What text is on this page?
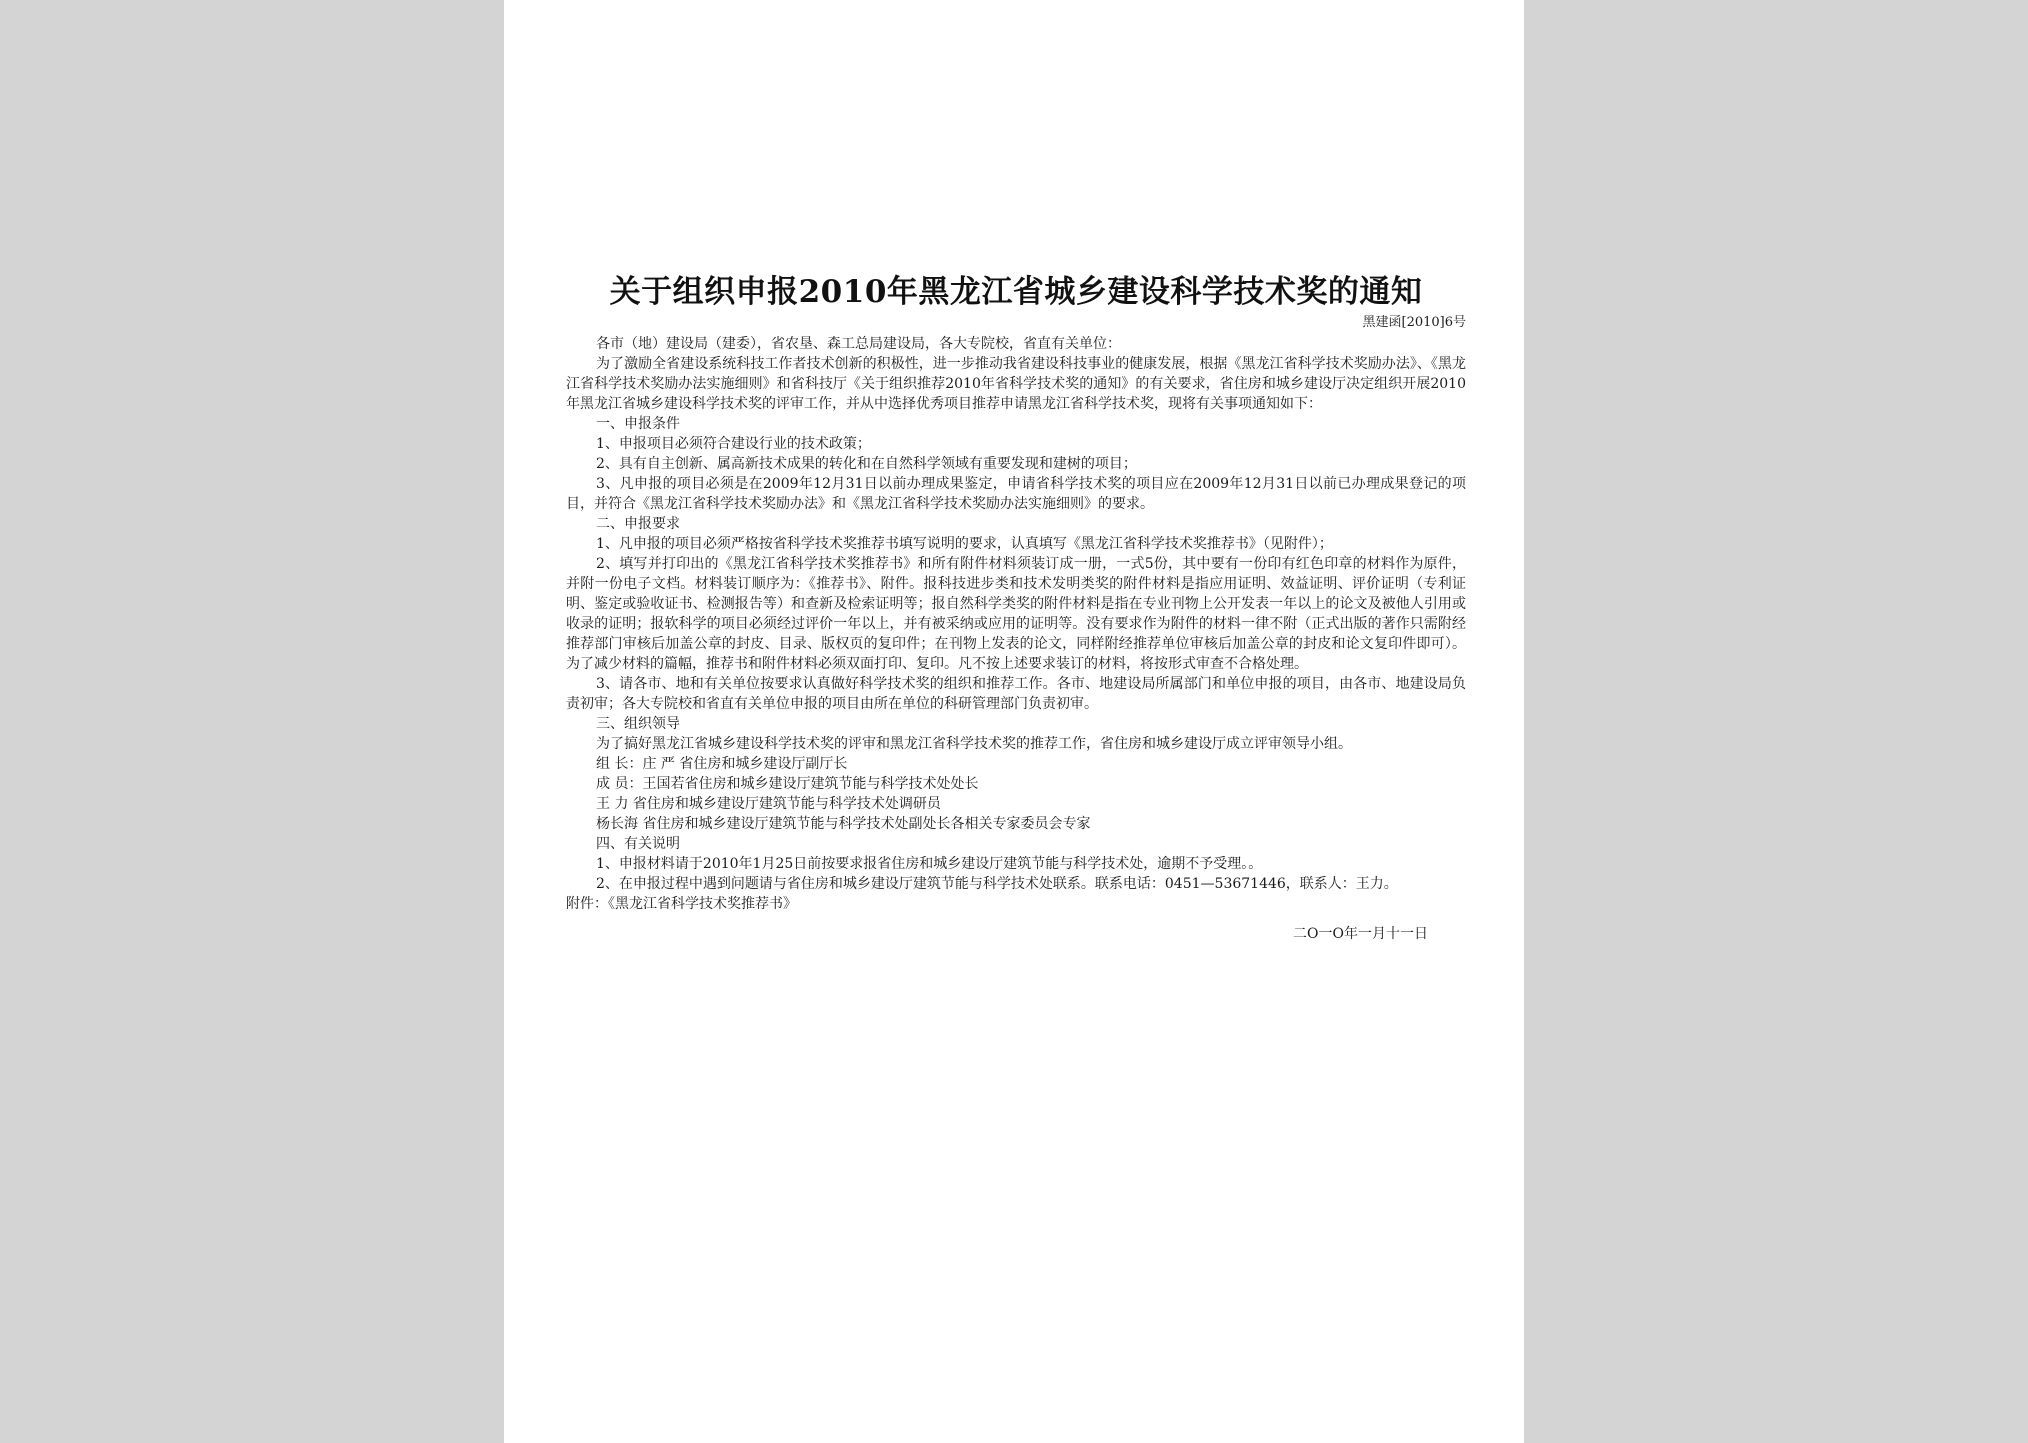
关于组织申报2010年黑龙江省城乡建设科学技术奖的通知
黑建函[2010]6号

各市（地）建设局（建委），省农垦、森工总局建设局，各大专院校，省直有关单位：

为了激励全省建设系统科技工作者技术创新的积极性，进一步推动我省建设科技事业的健康发展，根据《黑龙江省科学技术奖励办法》、《黑龙江省科学技术奖励办法实施细则》和省科技厅《关于组织推荐2010年省科学技术奖的通知》的有关要求，省住房和城乡建设厅决定组织开展2010年黑龙江省城乡建设科学技术奖的评审工作，并从中选择优秀项目推荐申请黑龙江省科学技术奖，现将有关事项通知如下：

一、申报条件

1、申报项目必须符合建设行业的技术政策；

2、具有自主创新、属高新技术成果的转化和在自然科学领域有重要发现和建树的项目；

3、凡申报的项目必须是在2009年12月31日以前办理成果鉴定，申请省科学技术奖的项目应在2009年12月31日以前已办理成果登记的项目，并符合《黑龙江省科学技术奖励办法》和《黑龙江省科学技术奖励办法实施细则》的要求。

二、申报要求

1、凡申报的项目必须严格按省科学技术奖推荐书填写说明的要求，认真填写《黑龙江省科学技术奖推荐书》（见附件）；

2、填写并打印出的《黑龙江省科学技术奖推荐书》和所有附件材料须装订成一册，一式5份，其中要有一份印有红色印章的材料作为原件，并附一份电子文档。材料装订顺序为：《推荐书》、附件。报科技进步类和技术发明类奖的附件材料是指应用证明、效益证明、评价证明（专利证明、鉴定或验收证书、检测报告等）和查新及检索证明等；报自然科学类奖的附件材料是指在专业刊物上公开发表一年以上的论文及被他人引用或收录的证明；报软科学的项目必须经过评价一年以上，并有被采纳或应用的证明等。没有要求作为附件的材料一律不附（正式出版的著作只需附经推荐部门审核后加盖公章的封皮、目录、版权页的复印件；在刊物上发表的论文，同样附经推荐单位审核后加盖公章的封皮和论文复印件即可）。为了减少材料的篇幅，推荐书和附件材料必须双面打印、复印。凡不按上述要求装订的材料，将按形式审查不合格处理。

3、请各市、地和有关单位按要求认真做好科学技术奖的组织和推荐工作。各市、地建设局所属部门和单位申报的项目，由各市、地建设局负责初审；各大专院校和省直有关单位申报的项目由所在单位的科研管理部门负责初审。

三、组织领导

为了搞好黑龙江省城乡建设科学技术奖的评审和黑龙江省科学技术奖的推荐工作，省住房和城乡建设厅成立评审领导小组。

组 长：庄 严 省住房和城乡建设厅副厅长

成 员：王国若省住房和城乡建设厅建筑节能与科学技术处处长

王 力 省住房和城乡建设厅建筑节能与科学技术处调研员

杨长海 省住房和城乡建设厅建筑节能与科学技术处副处长各相关专家委员会专家

四、有关说明

1、申报材料请于2010年1月25日前按要求报省住房和城乡建设厅建筑节能与科学技术处，逾期不予受理。。

2、在申报过程中遇到问题请与省住房和城乡建设厅建筑节能与科学技术处联系。联系电话：0451—53671446，联系人：王力。

附件：《黑龙江省科学技术奖推荐书》

二O一O年一月十一日
